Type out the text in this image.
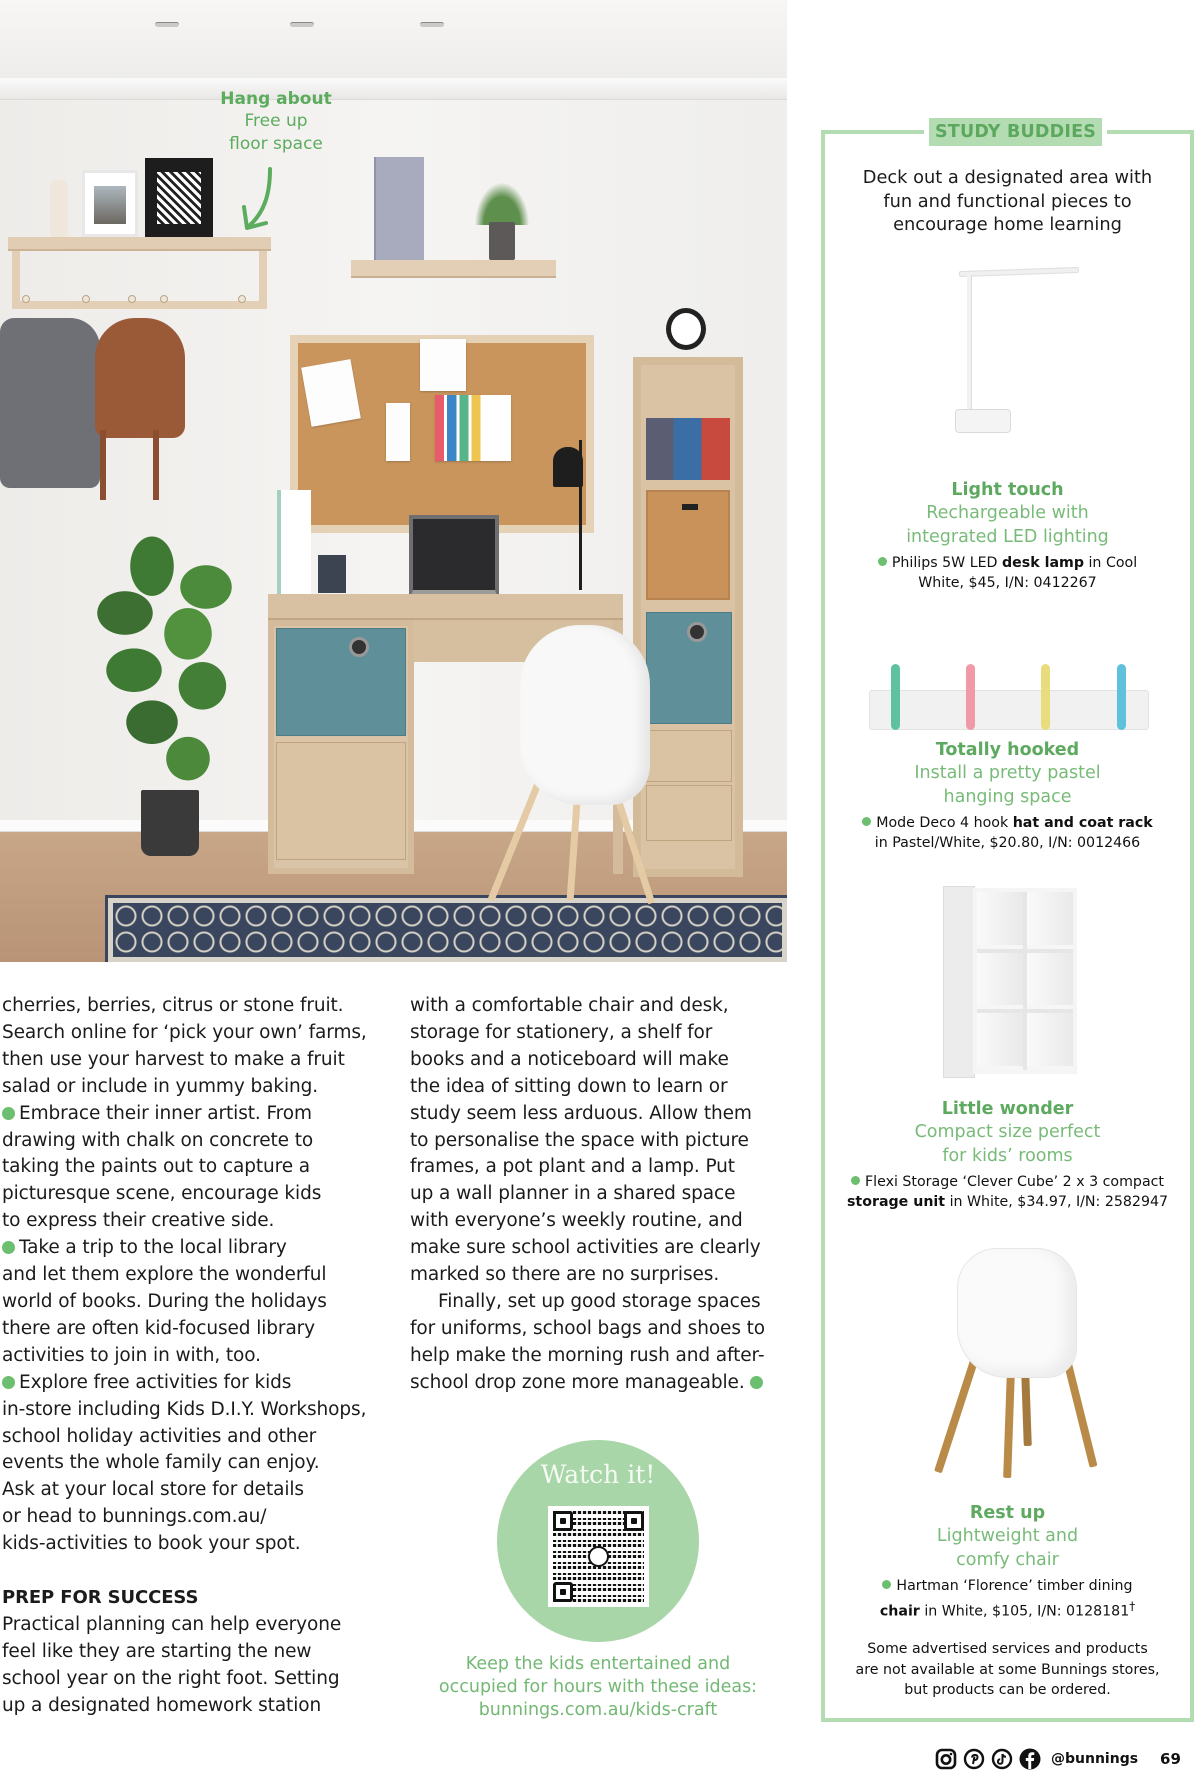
Hang about
Free up
floor space

cherries, berries, citrus or stone fruit.

Search online for ‘pick your own’ farms,

then use your harvest to make a fruit

salad or include in yummy baking.

Embrace their inner artist. From

drawing with chalk on concrete to

taking the paints out to capture a

picturesque scene, encourage kids

to express their creative side.

Take a trip to the local library

and let them explore the wonderful

world of books. During the holidays

there are often kid-focused library

activities to join in with, too.

Explore free activities for kids

in-store including Kids D.I.Y. Workshops,

school holiday activities and other

events the whole family can enjoy.

Ask at your local store for details

or head to bunnings.com.au/

kids-activities to book your spot.

PREP FOR SUCCESS

Practical planning can help everyone

feel like they are starting the new

school year on the right foot. Setting

up a designated homework station

with a comfortable chair and desk,

storage for stationery, a shelf for

books and a noticeboard will make

the idea of sitting down to learn or

study seem less arduous. Allow them

to personalise the space with picture

frames, a pot plant and a lamp. Put

up a wall planner in a shared space

with everyone’s weekly routine, and

make sure school activities are clearly

marked so there are no surprises.

Finally, set up good storage spaces

for uniforms, school bags and shoes to

help make the morning rush and after-

school drop zone more manageable.

Watch it!
Keep the kids entertained and
occupied for hours with these ideas:
bunnings.com.au/kids-craft
STUDY BUDDIES
Deck out a designated area with
fun and functional pieces to
encourage home learning
Light touch
Rechargeable with
integrated LED lighting
Philips 5W LED desk lamp in Cool
White, $45, I/N: 0412267
Totally hooked
Install a pretty pastel
hanging space
Mode Deco 4 hook hat and coat rack
in Pastel/White, $20.80, I/N: 0012466
Little wonder
Compact size perfect
for kids’ rooms
Flexi Storage ‘Clever Cube’ 2 x 3 compact
storage unit in White, $34.97, I/N: 2582947
Rest up
Lightweight and
comfy chair
Hartman ‘Florence’ timber dining
chair in White, $105, I/N: 0128181†
Some advertised services and products
are not available at some Bunnings stores,
but products can be ordered.
@bunnings 69
